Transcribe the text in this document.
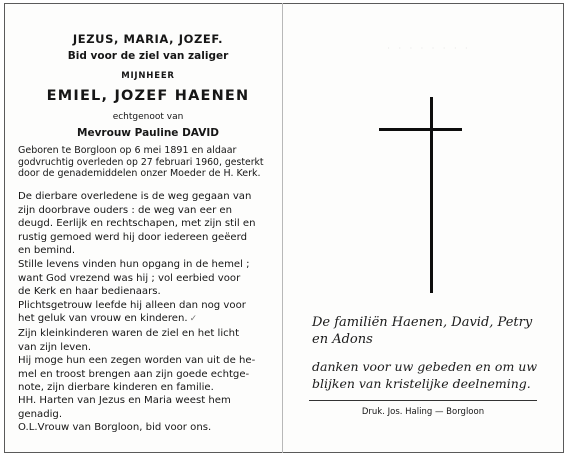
JEZUS, MARIA, JOZEF.
Bid voor de ziel van zaliger
MIJNHEER
EMIEL, JOZEF HAENEN
echtgenoot van
Mevrouw Pauline DAVID
Geboren te Borgloon op 6 mei 1891 en aldaar
godvruchtig overleden op 27 februari 1960, gesterkt
door de genademiddelen onzer Moeder de H. Kerk.
De dierbare overledene is de weg gegaan van
zijn doorbrave ouders : de weg van eer en
deugd. Eerlijk en rechtschapen, met zijn stil en
rustig gemoed werd hij door iedereen geëerd
en bemind.
Stille levens vinden hun opgang in de hemel ;
want God vrezend was hij ; vol eerbied voor
de Kerk en haar bedienaars.
Plichtsgetrouw leefde hij alleen dan nog voor
het geluk van vrouw en kinderen. ✓
Zijn kleinkinderen waren de ziel en het licht
van zijn leven.
Hij moge hun een zegen worden van uit de he-
mel en troost brengen aan zijn goede echtge-
note, zijn dierbare kinderen en familie.
HH. Harten van Jezus en Maria weest hem
genadig.
O.L.Vrouw van Borgloon, bid voor ons.
· · · · · · · ·
De familiën Haenen, David, Petry
en Adons
danken voor uw gebeden en om uw
blijken van kristelijke deelneming.
Druk. Jos. Haling — Borgloon
